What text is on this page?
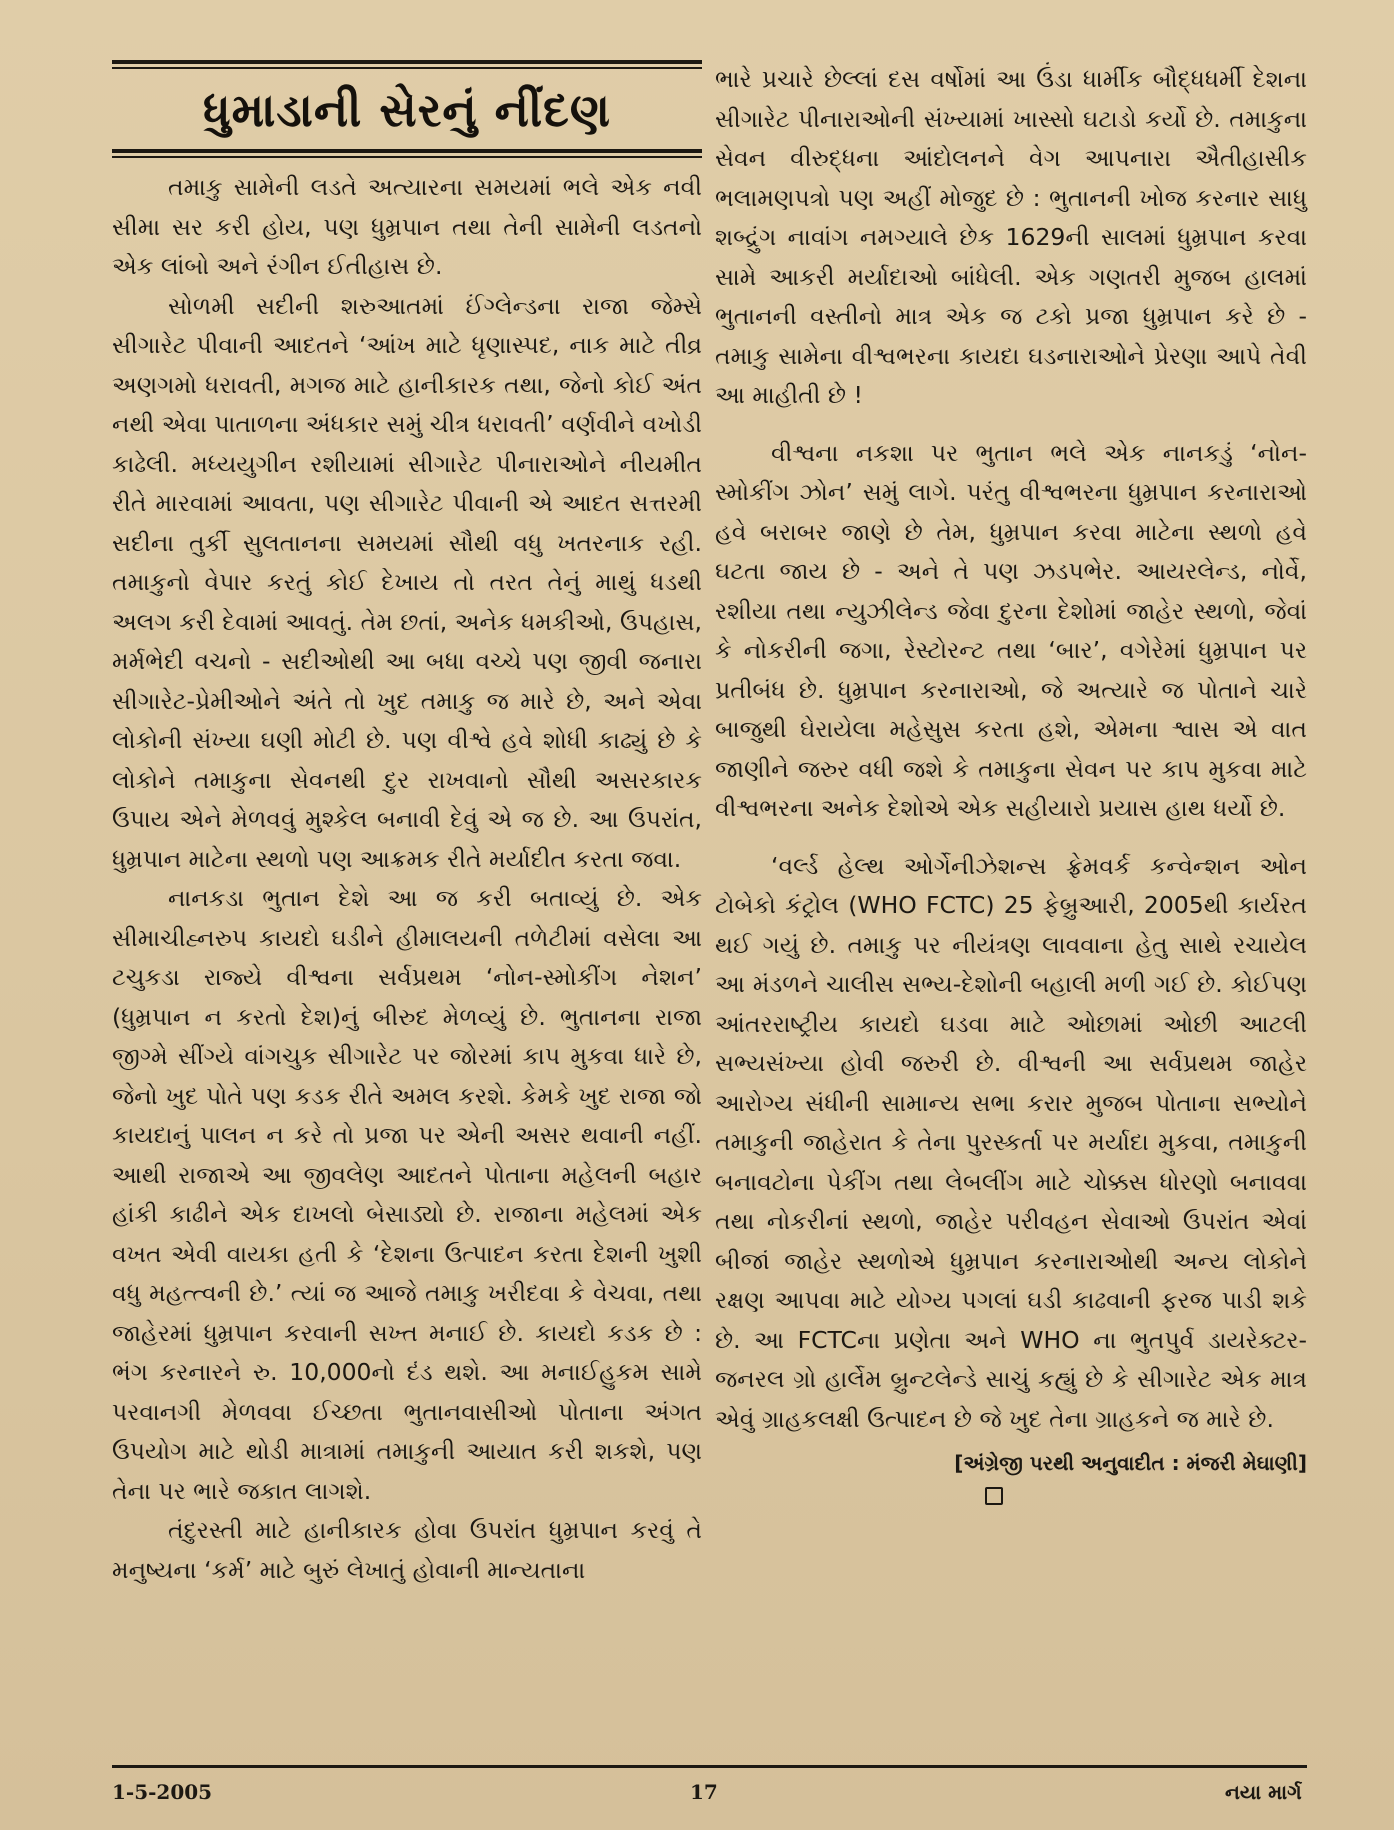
ધુમાડાની સેરનું નીંદણ

તમાકુ સામેની લડતે અત્યારના સમયમાં ભલે એક નવી સીમા સર કરી હોય, પણ ધુમ્રપાન તથા તેની સામેની લડતનો એક લાંબો અને રંગીન ઈતીહાસ છે.

સોળમી સદીની શરુઆતમાં ઈંગ્લેન્ડના રાજા જેમ્સે સીગારેટ પીવાની આદતને ‘આંખ માટે ધૃણાસ્પદ, નાક માટે તીવ્ર અણગમો ધરાવતી, મગજ માટે હાનીકારક તથા, જેનો કોઈ અંત નથી એવા પાતાળના અંધકાર સમું ચીત્ર ધરાવતી’ વર્ણવીને વખોડી કાઢેલી. મધ્યયુગીન રશીયામાં સીગારેટ પીનારાઓને નીયમીત રીતે મારવામાં આવતા, પણ સીગારેટ પીવાની એ આદત સત્તરમી સદીના તુર્કી સુલતાનના સમયમાં સૌથી વધુ ખતરનાક રહી. તમાકુનો વેપાર કરતું કોઈ દેખાય તો તરત તેનું માથું ધડથી અલગ કરી દેવામાં આવતું. તેમ છતાં, અનેક ધમકીઓ, ઉપહાસ, મર્મભેદી વચનો - સદીઓથી આ બધા વચ્ચે પણ જીવી જનારા સીગારેટ-પ્રેમીઓને અંતે તો ખુદ તમાકુ જ મારે છે, અને એવા લોકોની સંખ્યા ઘણી મોટી છે. પણ વીશ્વે હવે શોધી કાઢ્યું છે કે લોકોને તમાકુના સેવનથી દુર રાખવાનો સૌથી અસરકારક ઉપાય એને મેળવવું મુશ્કેલ બનાવી દેવું એ જ છે. આ ઉપરાંત, ધુમ્રપાન માટેના સ્થળો પણ આક્રમક રીતે મર્યાદીત કરતા જવા.

નાનકડા ભુતાન દેશે આ જ કરી બતાવ્યું છે. એક સીમાચીહ્નરુપ કાયદો ઘડીને હીમાલયની તળેટીમાં વસેલા આ ટચુકડા રાજ્યે વીશ્વના સર્વપ્રથમ ‘નોન-સ્મોકીંગ નેશન’ (ધુમ્રપાન ન કરતો દેશ)નું બીરુદ મેળવ્યું છે. ભુતાનના રાજા જીગ્મે સીંગ્યે વાંગચુક સીગારેટ પર જોરમાં કાપ મુકવા ધારે છે, જેનો ખુદ પોતે પણ કડક રીતે અમલ કરશે. કેમકે ખુદ રાજા જો કાયદાનું પાલન ન કરે તો પ્રજા પર એની અસર થવાની નહીં. આથી રાજાએ આ જીવલેણ આદતને પોતાના મહેલની બહાર હાંકી કાઢીને એક દાખલો બેસાડ્યો છે. રાજાના મહેલમાં એક વખત એવી વાયકા હતી કે ‘દેશના ઉત્પાદન કરતા દેશની ખુશી વધુ મહત્ત્વની છે.’ ત્યાં જ આજે તમાકુ ખરીદવા કે વેચવા, તથા જાહેરમાં ધુમ્રપાન કરવાની સખ્ત મનાઈ છે. કાયદો કડક છે : ભંગ કરનારને રુ. 10,000નો દંડ થશે. આ મનાઈહુકમ સામે પરવાનગી મેળવવા ઈચ્છતા ભુતાનવાસીઓ પોતાના અંગત ઉપયોગ માટે થોડી માત્રામાં તમાકુની આયાત કરી શકશે, પણ તેના પર ભારે જકાત લાગશે.

તંદુરસ્તી માટે હાનીકારક હોવા ઉપરાંત ધુમ્રપાન કરવું તે મનુષ્યના ‘કર્મ’ માટે બુરું લેખાતું હોવાની માન્યતાના

ભારે પ્રચારે છેલ્લાં દસ વર્ષોમાં આ ઉંડા ધાર્મીક બૌદ્ધધર્મી દેશના સીગારેટ પીનારાઓની સંખ્યામાં ખાસ્સો ઘટાડો કર્યો છે. તમાકુના સેવન વીરુદ્ધના આંદોલનને વેગ આપનારા ઐતીહાસીક ભલામણપત્રો પણ અહીં મોજુદ છે : ભુતાનની ખોજ કરનાર સાધુ શબ્દ્રુંગ નાવાંગ નમગ્યાલે છેક 1629ની સાલમાં ધુમ્રપાન કરવા સામે આકરી મર્યાદાઓ બાંધેલી. એક ગણતરી મુજબ હાલમાં ભુતાનની વસ્તીનો માત્ર એક જ ટકો પ્રજા ધુમ્રપાન કરે છે - તમાકુ સામેના વીશ્વભરના કાયદા ઘડનારાઓને પ્રેરણા આપે તેવી આ માહીતી છે !

વીશ્વના નકશા પર ભુતાન ભલે એક નાનકડું ‘નોન-સ્મોકીંગ ઝોન’ સમું લાગે. પરંતુ વીશ્વભરના ધુમ્રપાન કરનારાઓ હવે બરાબર જાણે છે તેમ, ધુમ્રપાન કરવા માટેના સ્થળો હવે ઘટતા જાય છે - અને તે પણ ઝડપભેર. આયરલેન્ડ, નોર્વે, રશીયા તથા ન્યુઝીલેન્ડ જેવા દુરના દેશોમાં જાહેર સ્થળો, જેવાં કે નોકરીની જગા, રેસ્ટોરન્ટ તથા ‘બાર’, વગેરેમાં ધુમ્રપાન પર પ્રતીબંધ છે. ધુમ્રપાન કરનારાઓ, જે અત્યારે જ પોતાને ચારે બાજુથી ઘેરાયેલા મહેસુસ કરતા હશે, એમના શ્વાસ એ વાત જાણીને જરુર વધી જશે કે તમાકુના સેવન પર કાપ મુકવા માટે વીશ્વભરના અનેક દેશોએ એક સહીયારો પ્રયાસ હાથ ધર્યો છે.

‘વર્લ્ડ હેલ્થ ઓર્ગેનીઝેશન્સ ફ્રેમવર્ક કન્વેન્શન ઓન ટોબેકો કંટ્રોલ (WHO FCTC) 25 ફેબ્રુઆરી, 2005થી કાર્યરત થઈ ગયું છે. તમાકુ પર નીયંત્રણ લાવવાના હેતુ સાથે રચાયેલ આ મંડળને ચાલીસ સભ્ય-દેશોની બહાલી મળી ગઈ છે. કોઈપણ આંતરરાષ્ટ્રીય કાયદો ઘડવા માટે ઓછામાં ઓછી આટલી સભ્યસંખ્યા હોવી જરુરી છે. વીશ્વની આ સર્વપ્રથમ જાહેર આરોગ્ય સંધીની સામાન્ય સભા કરાર મુજબ પોતાના સભ્યોને તમાકુની જાહેરાત કે તેના પુરસ્કર્તા પર મર્યાદા મુકવા, તમાકુની બનાવટોના પેકીંગ તથા લેબલીંગ માટે ચોક્કસ ધોરણો બનાવવા તથા નોકરીનાં સ્થળો, જાહેર પરીવહન સેવાઓ ઉપરાંત એવાં બીજાં જાહેર સ્થળોએ ધુમ્રપાન કરનારાઓથી અન્ય લોકોને રક્ષણ આપવા માટે યોગ્ય પગલાં ઘડી કાઢવાની ફરજ પાડી શકે છે. આ FCTCના પ્રણેતા અને WHO ના ભુતપુર્વ ડાયરેક્ટર- જનરલ ગ્રો હાર્લેમ બ્રુન્ટલેન્ડે સાચું કહ્યું છે કે સીગારેટ એક માત્ર એવું ગ્રાહકલક્ષી ઉત્પાદન છે જે ખુદ તેના ગ્રાહકને જ મારે છે.

[અંગ્રેજી પરથી અનુવાદીત : મંજરી મેઘાણી]
1-5-2005	17	નયા માર્ગ
